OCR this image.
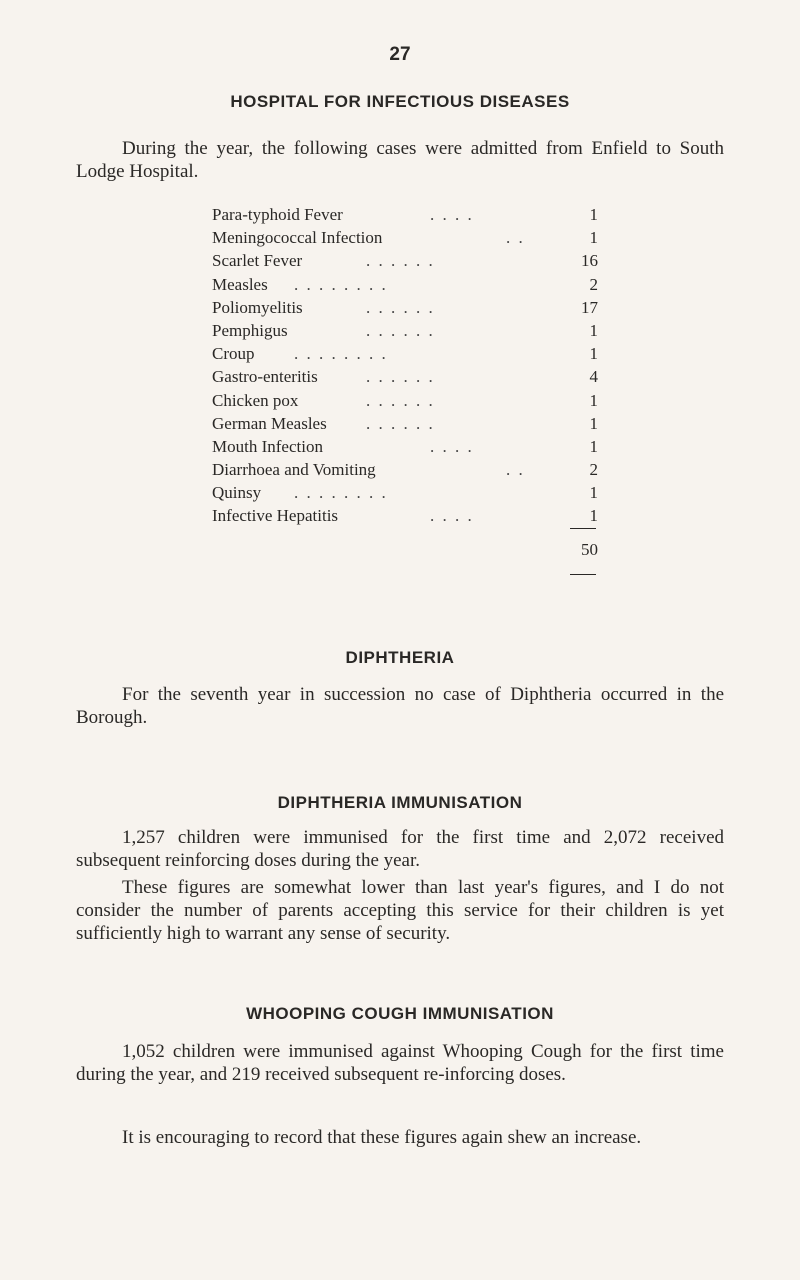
27
HOSPITAL FOR INFECTIOUS DISEASES
During the year, the following cases were admitted from Enfield to South Lodge Hospital.
Para-typhoid Fever	. . . .	1
Meningococcal Infection	. .	1
Scarlet Fever	. . . . . .	16
Measles . . . . . . . .	2
Poliomyelitis	. . . . . .	17
Pemphigus	. . . . . .	1
Croup . . . . . . . .	1
Gastro-enteritis	. . . . . .	4
Chicken pox	. . . . . .	1
German Measles . . . . . .	1
Mouth Infection	. . . .	1
Diarrhoea and Vomiting	. .	2
Quinsy . . . . . . . .	1
Infective Hepatitis	. . . .	1
50
DIPHTHERIA
For the seventh year in succession no case of Diphtheria occurred in the Borough.
DIPHTHERIA IMMUNISATION
1,257 children were immunised for the first time and 2,072 received subsequent reinforcing doses during the year.
These figures are somewhat lower than last year's figures, and I do not consider the number of parents accepting this service for their children is yet sufficiently high to warrant any sense of security.
WHOOPING COUGH IMMUNISATION
1,052 children were immunised against Whooping Cough for the first time during the year, and 219 received subsequent re-inforcing doses.
It is encouraging to record that these figures again shew an increase.
